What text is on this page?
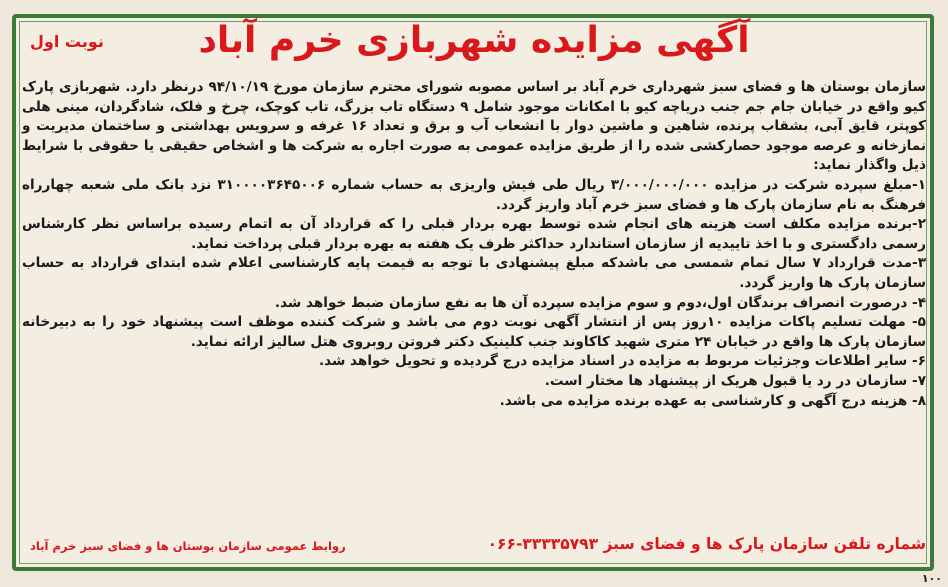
آگهی مزایده شهربازی خرم آباد
نوبت اول

سازمان بوستان ها و فضای سبز شهرداری خرم آباد بر اساس مصوبه شورای محترم سازمان مورخ ۹۴/۱۰/۱۹ درنظر دارد. شهربازی پارک کیو واقع در خیابان جام جم جنب دریاچه کیو با امکانات موجود شامل ۹ دستگاه تاب بزرگ، تاب کوچک، چرخ و فلک، شادگردان، مینی هلی کوپتر، قایق آبی، بشقاب پرنده، شاهین و ماشین دوار با انشعاب آب و برق و تعداد ۱۶ غرفه و سرویس بهداشتی و ساختمان مدیریت و نمازخانه و عرصه موجود حصارکشی شده را از طریق مزایده عمومی به صورت اجاره به شرکت ها و اشخاص حقیقی یا حقوقی با شرایط ذیل واگذار نماید:

۱-مبلغ سپرده شرکت در مزایده ۳/۰۰۰/۰۰۰/۰۰۰ ریال طی فیش واریزی به حساب شماره ۳۱۰۰۰۰۳۶۴۵۰۰۶ نزد بانک ملی شعبه چهارراه فرهنگ به نام سازمان پارک ها و فضای سبز خرم آباد واریز گردد.

۲-برنده مزایده مکلف است هزینه های انجام شده توسط بهره بردار قبلی را که قرارداد آن به اتمام رسیده براساس نظر کارشناس رسمی دادگستری و با اخذ تاییدیه از سازمان استاندارد حداکثر ظرف یک هفته به بهره بردار قبلی پرداخت نماید.

۳-مدت قرارداد ۷ سال تمام شمسی می باشدکه مبلغ پیشنهادی با توجه به قیمت پایه کارشناسی اعلام شده ابتدای قرارداد به حساب سازمان پارک ها واریز گردد.

۴- درصورت انصراف برندگان اول،دوم و سوم مزایده سپرده آن ها به نفع سازمان ضبط خواهد شد.

۵- مهلت تسلیم پاکات مزایده ۱۰روز پس از انتشار آگهی نوبت دوم می باشد و شرکت کننده موظف است پیشنهاد خود را به دبیرخانه سازمان پارک ها واقع در خیابان ۲۴ متری شهید کاکاوند جنب کلینیک دکتر فروتن روبروی هتل سالیز ارائه نماید.

۶- سایر اطلاعات وجزئیات مربوط به مزایده در اسناد مزایده درج گردیده و تحویل خواهد شد.

۷- سازمان در رد یا قبول هریک از پیشنهاد ها مختار است.

۸- هزینه درج آگهی و کارشناسی به عهده برنده مزایده می باشد.

شماره تلفن سازمان پارک ها و فضای سبز ۳۳۳۳۵۷۹۳-۰۶۶
روابط عمومی سازمان بوستان ها و فضای سبز خرم آباد
۱۰۰
